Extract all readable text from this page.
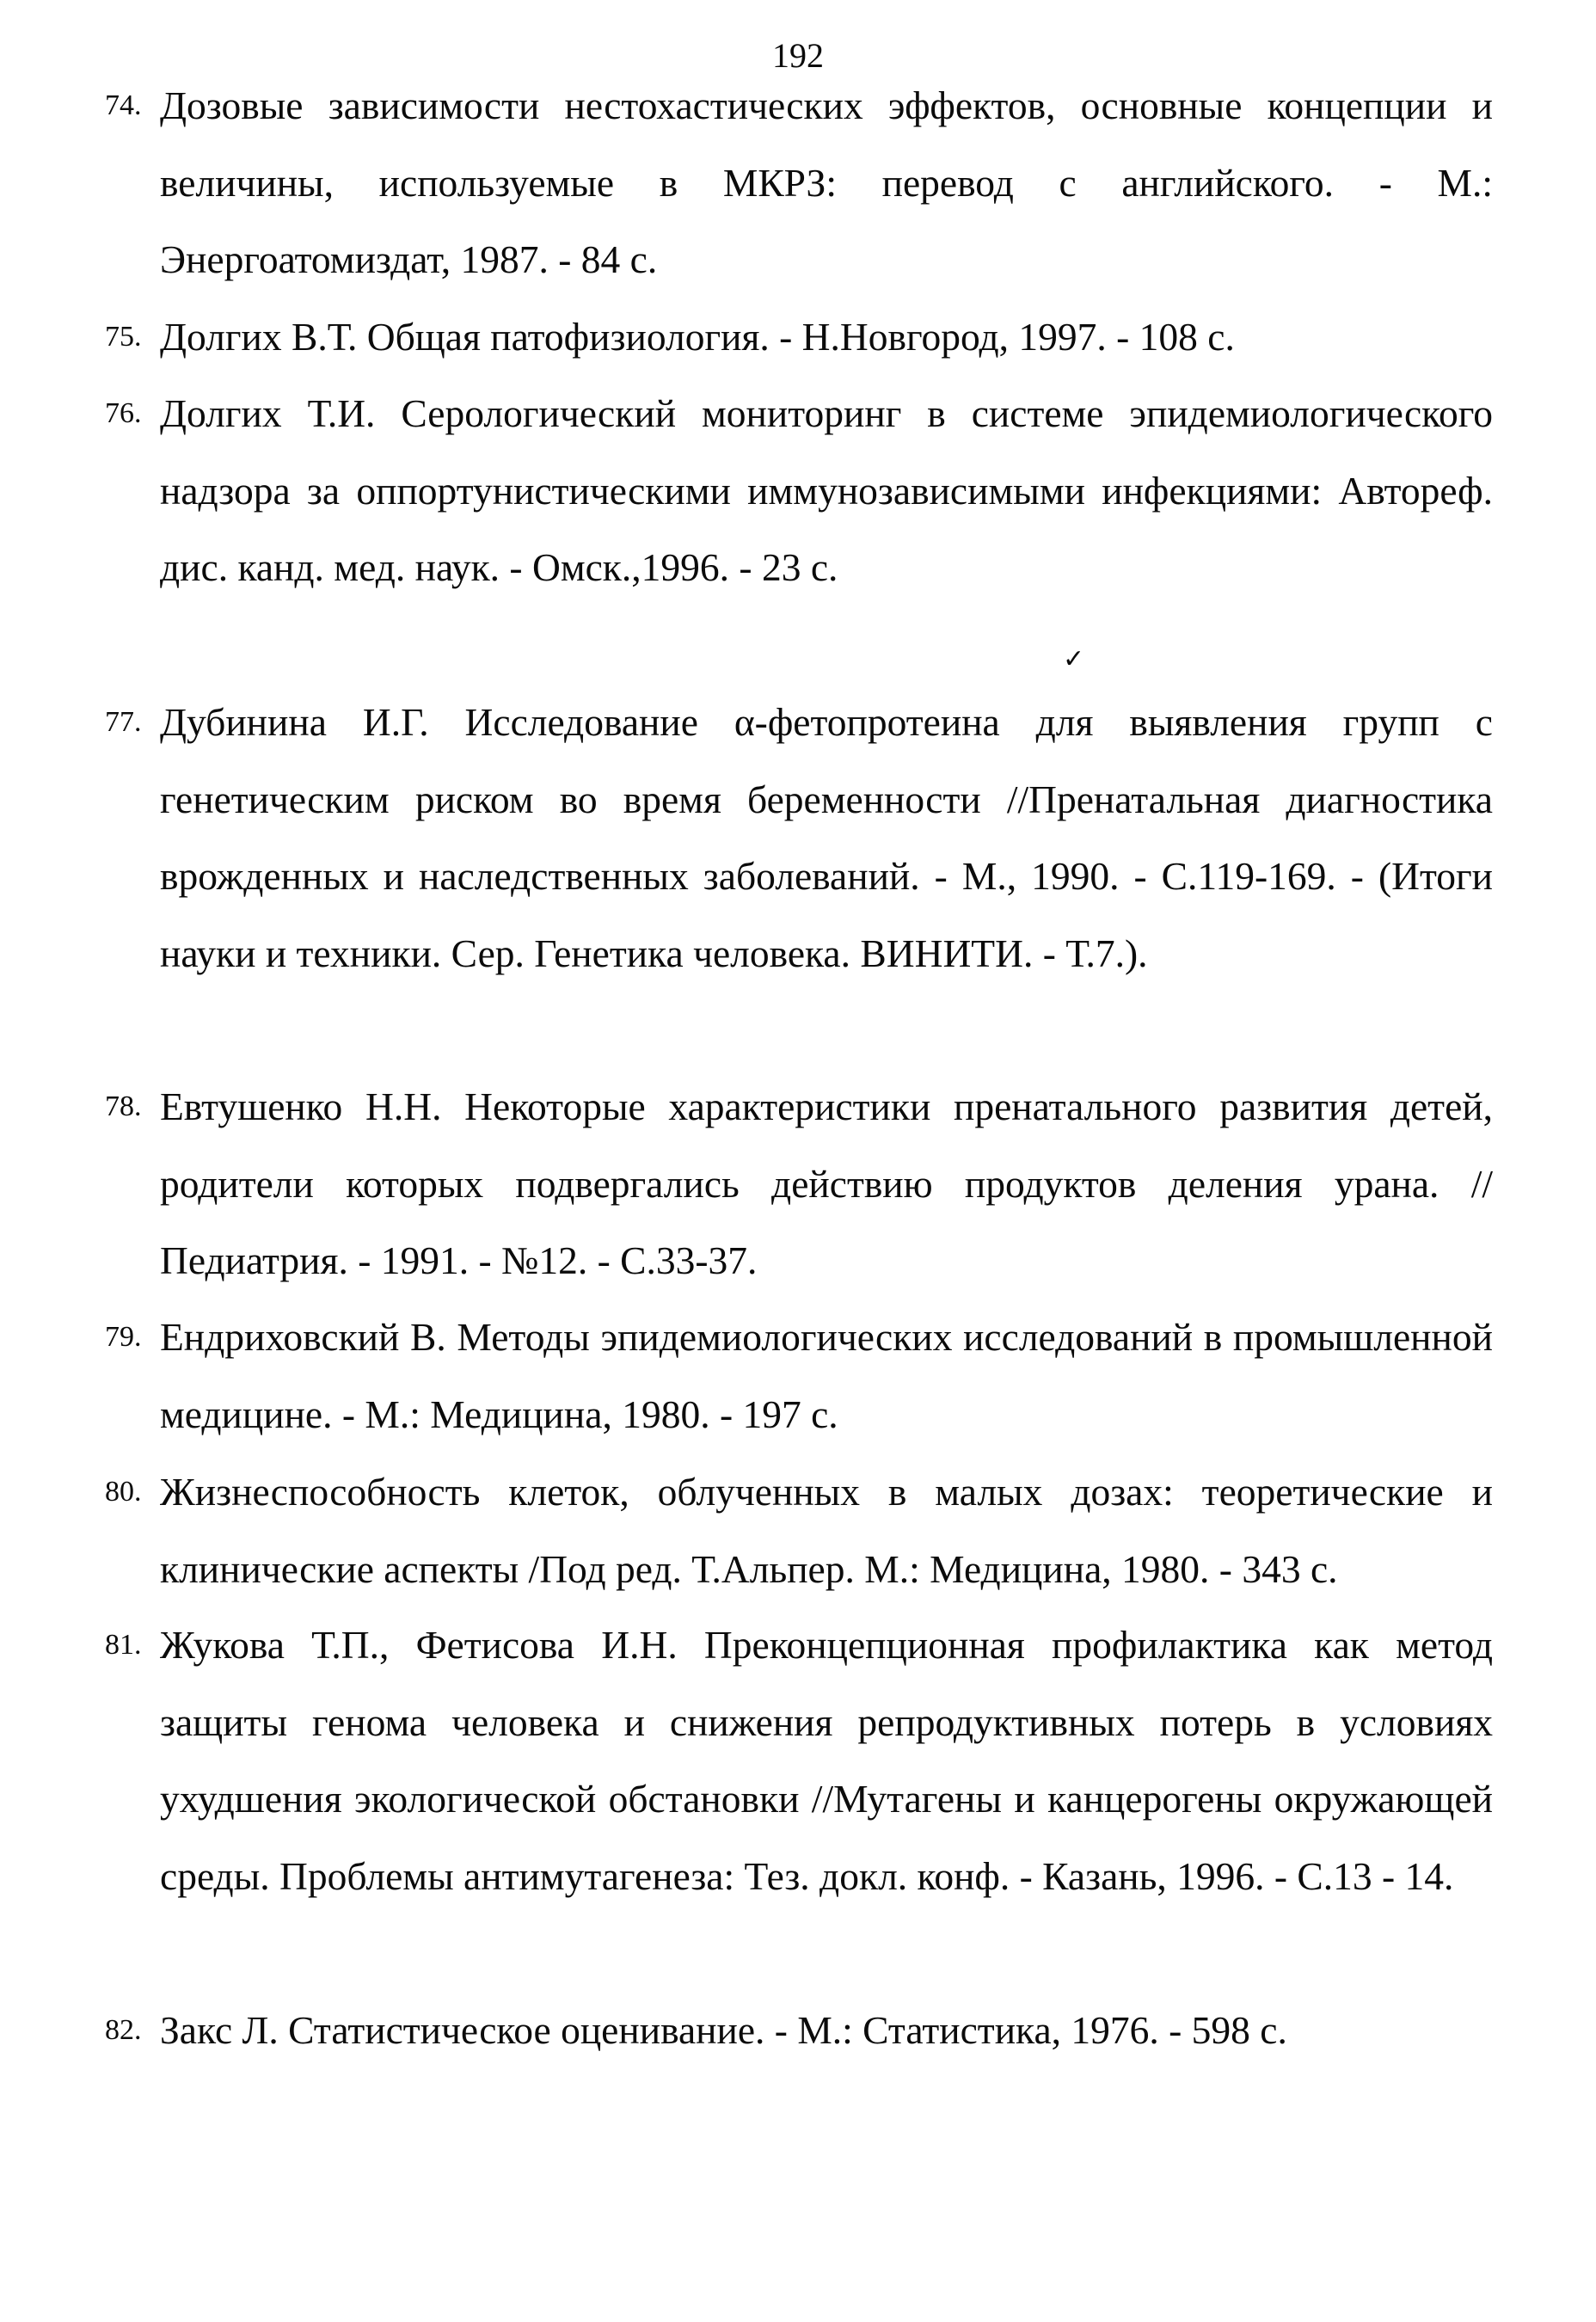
192
74. Дозовые зависимости нестохастических эффектов, основные концепции и величины, используемые в МКРЗ: перевод с английского. - М.: Энергоатомиздат, 1987. - 84 с.
75. Долгих В.Т. Общая патофизиология. - Н.Новгород, 1997. - 108 с.
76. Долгих Т.И. Серологический мониторинг в системе эпидемиологического надзора за оппортунистическими иммунозависимыми инфекциями: Автореф. дис. канд. мед. наук. - Омск.,1996. - 23 с.
77. Дубинина И.Г. Исследование α-фетопротеина для выявления групп с генетическим риском во время беременности //Пренатальная диагностика врожденных и наследственных заболеваний. - М., 1990. - С.119-169. - (Итоги науки и техники. Сер. Генетика человека. ВИНИТИ. - Т.7.).
78. Евтушенко Н.Н. Некоторые характеристики пренатального развития детей, родители которых подвергались действию продуктов деления урана. //Педиатрия. - 1991. - №12. - С.33-37.
79. Ендриховский В. Методы эпидемиологических исследований в промышленной медицине. - М.: Медицина, 1980. - 197 с.
80. Жизнеспособность клеток, облученных в малых дозах: теоретические и клинические аспекты /Под ред. Т.Альпер. М.: Медицина, 1980. - 343 с.
81. Жукова Т.П., Фетисова И.Н. Преконцепционная профилактика как метод защиты генома человека и снижения репродуктивных потерь в условиях ухудшения экологической обстановки //Мутагены и канцерогены окружающей среды. Проблемы антимутагенеза: Тез. докл. конф. - Казань, 1996. - С.13 - 14.
82. Закс Л. Статистическое оценивание. - М.: Статистика, 1976. - 598 с.
✓
